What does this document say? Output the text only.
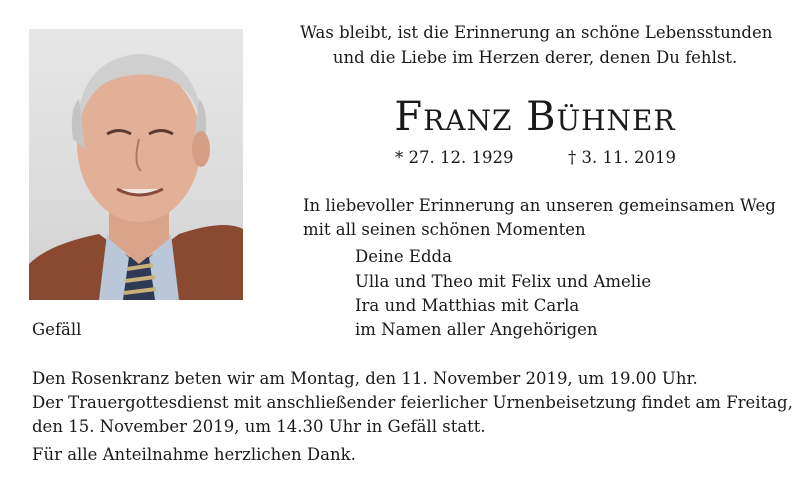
Was bleibt, ist die Erinnerung an schöne Lebensstunden
und die Liebe im Herzen derer, denen Du fehlst.
Franz Bühner
* 27. 12. 1929	† 3. 11. 2019
In liebevoller Erinnerung an unseren gemeinsamen Weg
mit all seinen schönen Momenten
Deine Edda
Ulla und Theo mit Felix und Amelie
Ira und Matthias mit Carla
im Namen aller Angehörigen
Gefäll
Den Rosenkranz beten wir am Montag, den 11. November 2019, um 19.00 Uhr.
Der Trauergottesdienst mit anschließender feierlicher Urnenbeisetzung findet am Freitag,
den 15. November 2019, um 14.30 Uhr in Gefäll statt.
Für alle Anteilnahme herzlichen Dank.
